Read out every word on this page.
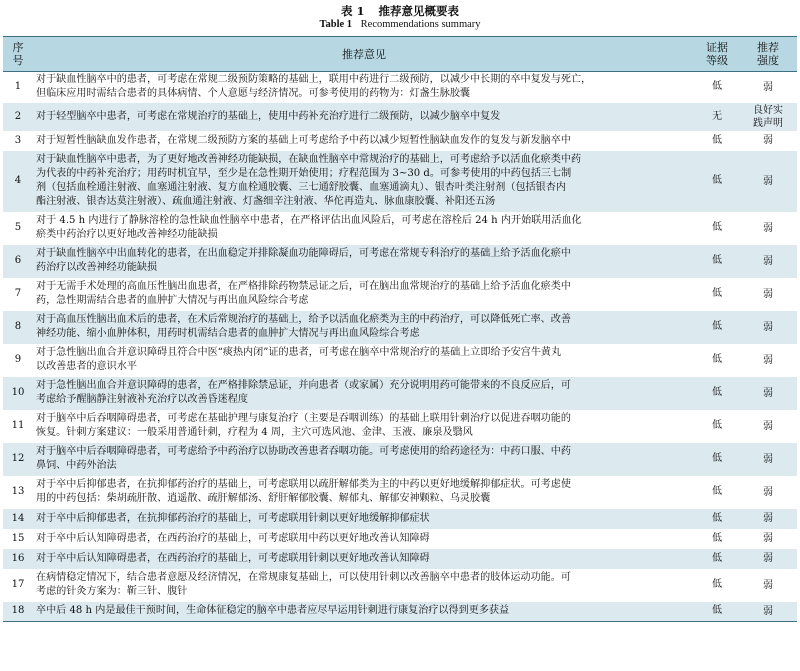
表 1 推荐意见概要表
Table 1 Recommendations summary
序
号	推荐意见	证据
等级	推荐
强度
1	对于缺血性脑卒中的患者，可考虑在常规二级预防策略的基础上，联用中药进行二级预防，以减少中长期的卒中复发与死亡，
但临床应用时需结合患者的具体病情、个人意愿与经济情况。可参考使用的药物为：灯盏生脉胶囊	低	弱
2	对于轻型脑卒中患者，可考虑在常规治疗的基础上，使用中药补充治疗进行二级预防，以减少脑卒中复发	无	良好实
践声明
3	对于短暂性脑缺血发作患者，在常规二级预防方案的基础上可考虑给予中药以减少短暂性脑缺血发作的复发与新发脑卒中	低	弱
4	对于缺血性脑卒中患者，为了更好地改善神经功能缺损，在缺血性脑卒中常规治疗的基础上，可考虑给予以活血化瘀类中药
为代表的中药补充治疗；用药时机宜早，至少是在急性期开始使用；疗程范围为 3~30 d。可参考使用的中药包括三七制
剂（包括血栓通注射液、血塞通注射液、复方血栓通胶囊、三七通舒胶囊、血塞通滴丸）、银杏叶类注射剂（包括银杏内
酯注射液、银杏达莫注射液）、疏血通注射液、灯盏细辛注射液、华佗再造丸、脉血康胶囊、补阳还五汤	低	弱
5	对于 4.5 h 内进行了静脉溶栓的急性缺血性脑卒中患者，在严格评估出血风险后，可考虑在溶栓后 24 h 内开始联用活血化
瘀类中药治疗以更好地改善神经功能缺损	低	弱
6	对于缺血性脑卒中出血转化的患者，在出血稳定并排除凝血功能障碍后，可考虑在常规专科治疗的基础上给予活血化瘀中
药治疗以改善神经功能缺损	低	弱
7	对于无需手术处理的高血压性脑出血患者，在严格排除药物禁忌证之后，可在脑出血常规治疗的基础上给予活血化瘀类中
药，急性期需结合患者的血肿扩大情况与再出血风险综合考虑	低	弱
8	对于高血压性脑出血术后的患者，在术后常规治疗的基础上，给予以活血化瘀类为主的中药治疗，可以降低死亡率、改善
神经功能、缩小血肿体积，用药时机需结合患者的血肿扩大情况与再出血风险综合考虑	低	弱
9	对于急性脑出血合并意识障碍且符合中医“痰热内闭”证的患者，可考虑在脑卒中常规治疗的基础上立即给予安宫牛黄丸
以改善患者的意识水平	低	弱
10	对于急性脑出血合并意识障碍的患者，在严格排除禁忌证，并向患者（或家属）充分说明用药可能带来的不良反应后，可
考虑给予醒脑静注射液补充治疗以改善昏迷程度	低	弱
11	对于脑卒中后吞咽障碍患者，可考虑在基础护理与康复治疗（主要是吞咽训练）的基础上联用针刺治疗以促进吞咽功能的
恢复。针刺方案建议：一般采用普通针刺，疗程为 4 周，主穴可选风池、金津、玉液、廉泉及翳风	低	弱
12	对于脑卒中后吞咽障碍患者，可考虑给予中药治疗以协助改善患者吞咽功能。可考虑使用的给药途径为：中药口服、中药
鼻饲、中药外治法	低	弱
13	对于卒中后抑郁患者，在抗抑郁药治疗的基础上，可考虑联用以疏肝解郁类为主的中药以更好地缓解抑郁症状。可考虑使
用的中药包括：柴胡疏肝散、逍遥散、疏肝解郁汤、舒肝解郁胶囊、解郁丸、解郁安神颗粒、乌灵胶囊	低	弱
14	对于卒中后抑郁患者，在抗抑郁药治疗的基础上，可考虑联用针刺以更好地缓解抑郁症状	低	弱
15	对于卒中后认知障碍患者，在西药治疗的基础上，可考虑联用中药以更好地改善认知障碍	低	弱
16	对于卒中后认知障碍患者，在西药治疗的基础上，可考虑联用针刺以更好地改善认知障碍	低	弱
17	在病情稳定情况下，结合患者意愿及经济情况，在常规康复基础上，可以使用针刺以改善脑卒中患者的肢体运动功能。可
考虑的针灸方案为：靳三针、腹针	低	弱
18	卒中后 48 h 内是最佳干预时间，生命体征稳定的脑卒中患者应尽早运用针刺进行康复治疗以得到更多获益	低	弱
